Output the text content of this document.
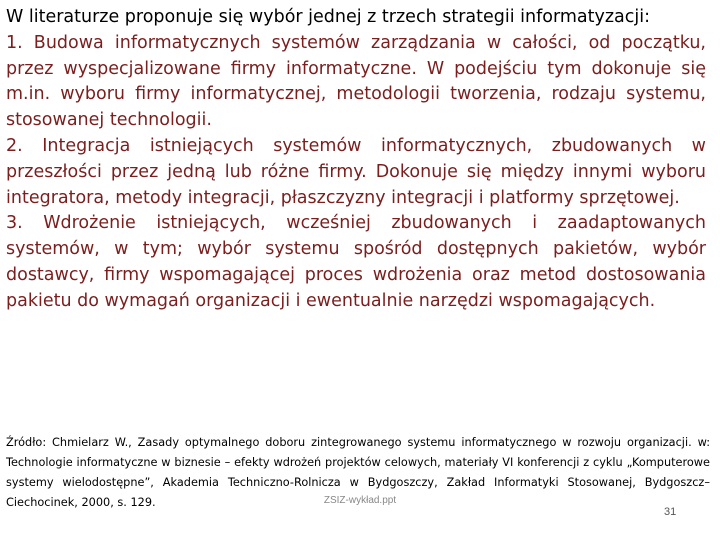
W literaturze proponuje się wybór jednej z trzech strategii informatyzacji:

1. Budowa informatycznych systemów zarządzania w całości, od początku, przez wyspecjalizowane firmy informatyczne. W podejściu tym dokonuje się m.in. wyboru firmy informatycznej, metodologii tworzenia, rodzaju systemu, stosowanej technologii.

2. Integracja istniejących systemów informatycznych, zbudowanych w przeszłości przez jedną lub różne firmy. Dokonuje się między innymi wyboru integratora, metody integracji, płaszczyzny integracji i platformy sprzętowej.

3. Wdrożenie istniejących, wcześniej zbudowanych i zaadaptowanych systemów, w tym; wybór systemu spośród dostępnych pakietów, wybór dostawcy, firmy wspomagającej proces wdrożenia oraz metod dostosowania pakietu do wymagań organizacji i ewentualnie narzędzi wspomagających.

Źródło: Chmielarz W., Zasady optymalnego doboru zintegrowanego systemu informatycznego w rozwoju organizacji. w: Technologie informatyczne w biznesie – efekty wdrożeń projektów celowych, materiały VI konferencji z cyklu „Komputerowe systemy wielodostępne”, Akademia Techniczno-Rolnicza w Bydgoszczy, Zakład Informatyki Stosowanej, Bydgoszcz–Ciechocinek, 2000, s. 129.	ZSIZ-wykład.ppt
31
